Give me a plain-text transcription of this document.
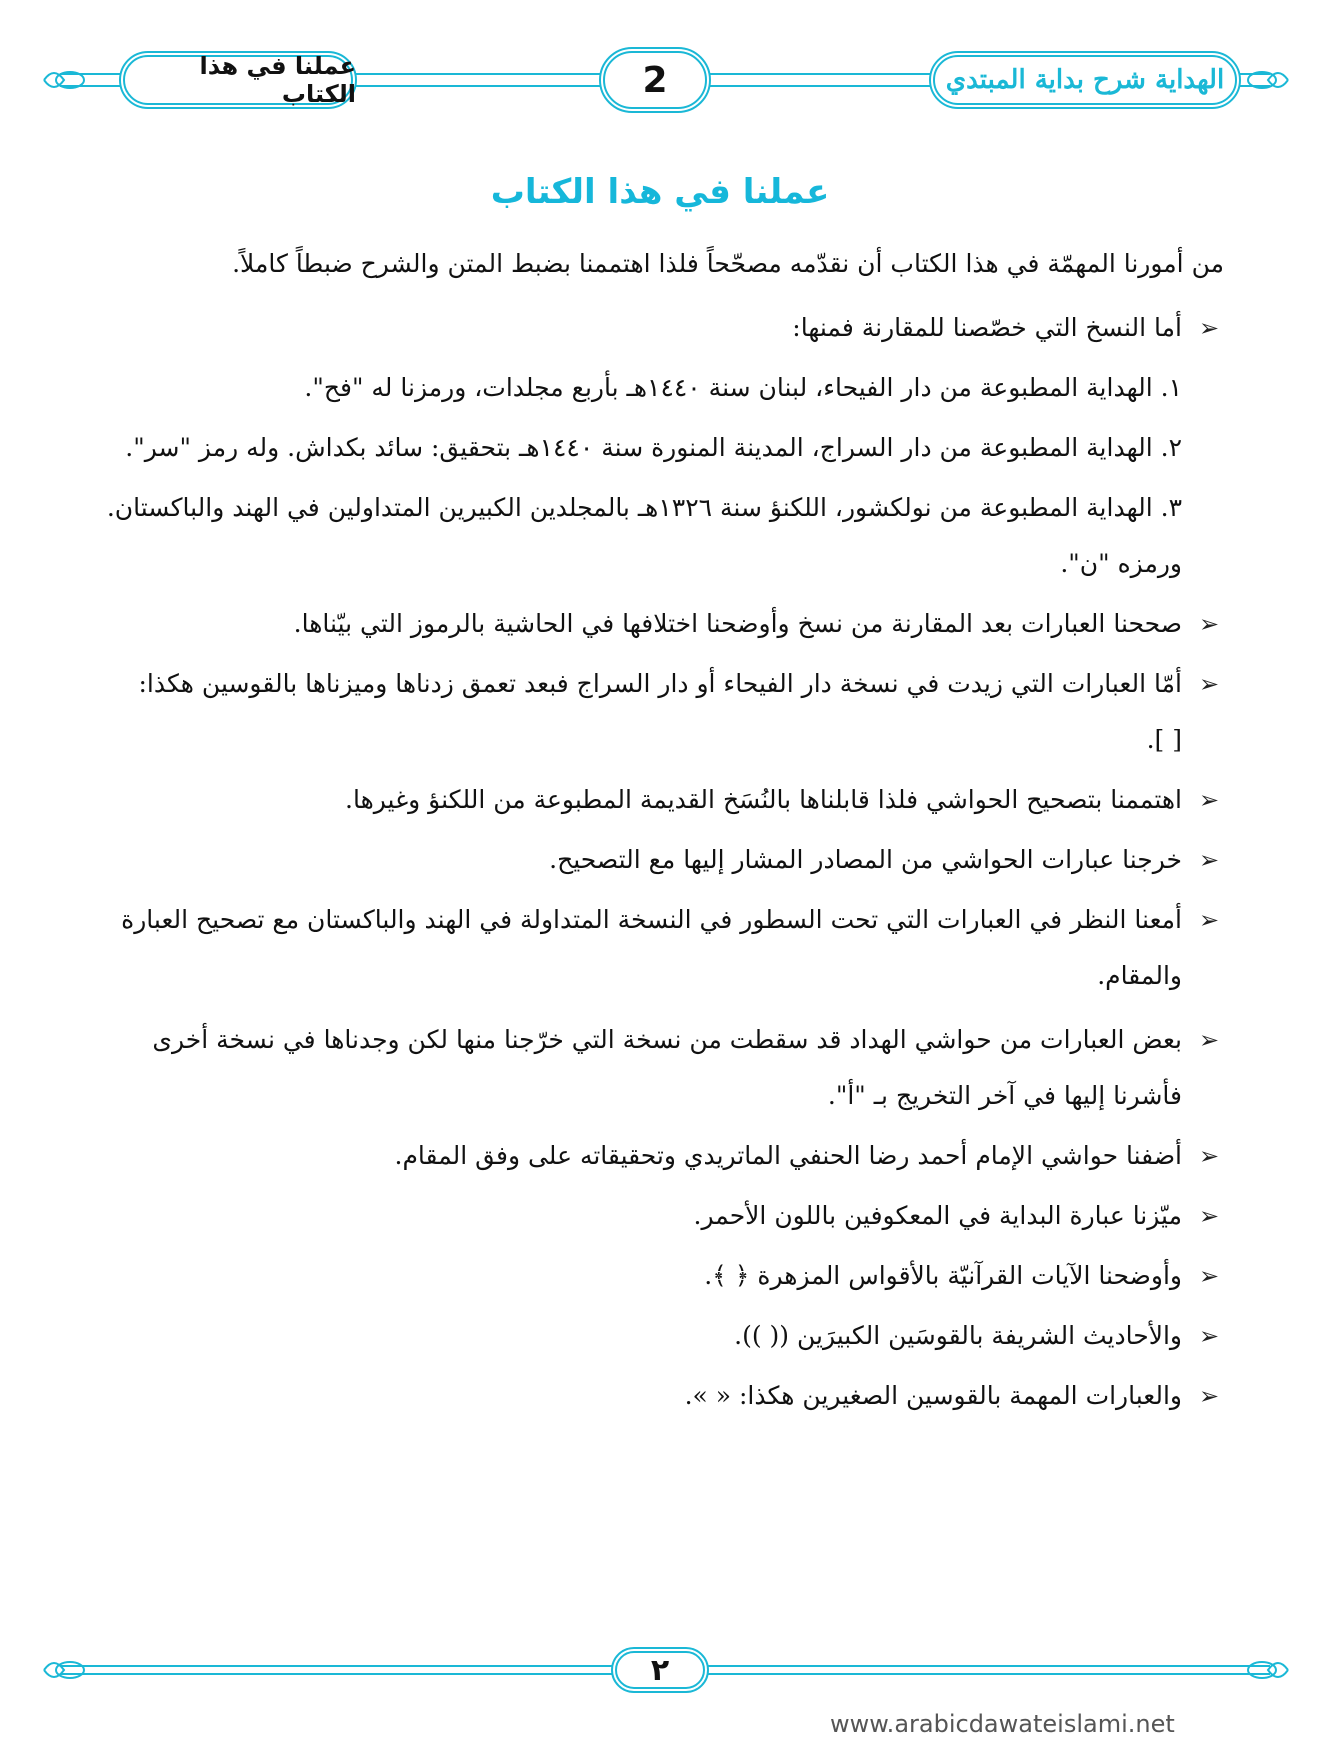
عملنا في هذا الكتاب	2	الهداية شرح بداية المبتدي
عملنا في هذا الكتاب
من أمورنا المهمّة في هذا الكتاب أن نقدّمه مصحّحاً فلذا اهتممنا بضبط المتن والشرح ضبطاً كاملاً.
➢أما النسخ التي خصّصنا للمقارنة فمنها:
١. الهداية المطبوعة من دار الفيحاء، لبنان سنة ١٤٤٠هـ بأربع مجلدات، ورمزنا له "فح".
٢. الهداية المطبوعة من دار السراج، المدينة المنورة سنة ١٤٤٠هـ بتحقيق: سائد بكداش. وله رمز "سر".
٣. الهداية المطبوعة من نولكشور، اللكنؤ سنة ١٣٢٦هـ بالمجلدين الكبيرين المتداولين في الهند والباكستان.
ورمزه "ن".
➢صححنا العبارات بعد المقارنة من نسخ وأوضحنا اختلافها في الحاشية بالرموز التي بيّناها.
➢أمّا العبارات التي زيدت في نسخة دار الفيحاء أو دار السراج فبعد تعمق زدناها وميزناها بالقوسين هكذا:
[ ].
➢اهتممنا بتصحيح الحواشي فلذا قابلناها بالنُسَخ القديمة المطبوعة من اللكنؤ وغيرها.
➢خرجنا عبارات الحواشي من المصادر المشار إليها مع التصحيح.
➢أمعنا النظر في العبارات التي تحت السطور في النسخة المتداولة في الهند والباكستان مع تصحيح العبارة
والمقام.
➢بعض العبارات من حواشي الهداد قد سقطت من نسخة التي خرّجنا منها لكن وجدناها في نسخة أخرى
فأشرنا إليها في آخر التخريج بـ "أ".
➢أضفنا حواشي الإمام أحمد رضا الحنفي الماتريدي وتحقيقاته على وفق المقام.
➢ميّزنا عبارة البداية في المعكوفين باللون الأحمر.
➢وأوضحنا الآيات القرآنيّة بالأقواس المزهرة ﴿ ﴾.
➢والأحاديث الشريفة بالقوسَين الكبيرَين (( )).
➢والعبارات المهمة بالقوسين الصغيرين هكذا: « ».
٢
www.arabicdawateislami.net
